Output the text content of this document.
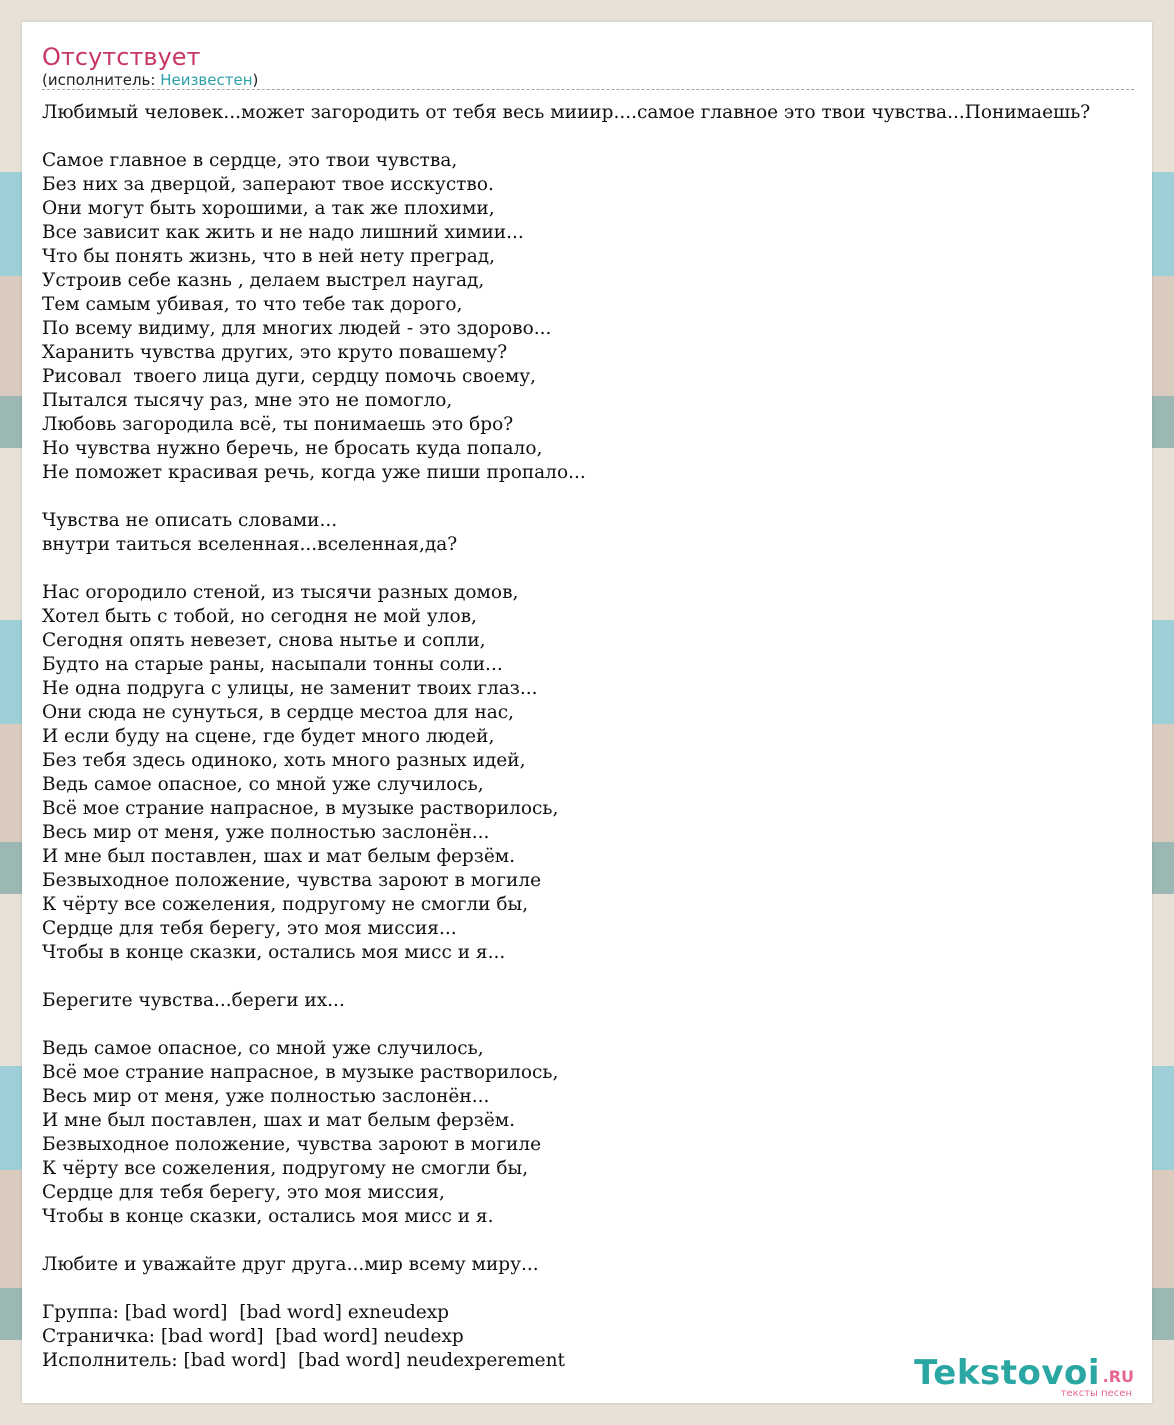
Отсутствует
(исполнитель: Неизвестен)
Любимый человек...может загородить от тебя весь мииир....самое главное это твои чувства...Понимаешь?
Самое главное в сердце, это твои чувства,
Без них за дверцой, заперают твое исскуство.
Они могут быть хорошими, а так же плохими,
Все зависит как жить и не надо лишний химии...
Что бы понять жизнь, что в ней нету преград,
Устроив себе казнь , делаем выстрел наугад,
Тем самым убивая, то что тебе так дорого,
По всему видиму, для многих людей - это здорово...
Харанить чувства других, это круто повашему?
Рисовал  твоего лица дуги, сердцу помочь своему,
Пытался тысячу раз, мне это не помогло,
Любовь загородила всё, ты понимаешь это бро?
Но чувства нужно беречь, не бросать куда попало,
Не поможет красивая речь, когда уже пиши пропало...
Чувства не описать словами...
внутри таиться вселенная...вселенная,да?
Нас огородило стеной, из тысячи разных домов,
Хотел быть с тобой, но сегодня не мой улов,
Сегодня опять невезет, снова нытье и сопли,
Будто на старые раны, насыпали тонны соли...
Не одна подруга с улицы, не заменит твоих глаз...
Они сюда не сунуться, в сердце местоа для нас,
И если буду на сцене, где будет много людей,
Без тебя здесь одиноко, хоть много разных идей,
Ведь самое опасное, со мной уже случилось,
Всё мое страние напрасное, в музыке растворилось,
Весь мир от меня, уже полностью заслонён...
И мне был поставлен, шах и мат белым ферзём.
Безвыходное положение, чувства зароют в могиле
К чёрту все сожеления, подругому не смогли бы,
Сердце для тебя берегу, это моя миссия...
Чтобы в конце сказки, остались моя мисс и я...
Берегите чувства...береги их...
Ведь самое опасное, со мной уже случилось,
Всё мое страние напрасное, в музыке растворилось,
Весь мир от меня, уже полностью заслонён...
И мне был поставлен, шах и мат белым ферзём.
Безвыходное положение, чувства зароют в могиле
К чёрту все сожеления, подругому не смогли бы,
Сердце для тебя берегу, это моя миссия,
Чтобы в конце сказки, остались моя мисс и я.
Любите и уважайте друг друга...мир всему миру...
Группа: [bad word]  [bad word] exneudexp
Страничка: [bad word]  [bad word] neudexp
Исполнитель: [bad word]  [bad word] neudexperement	Tekstovoi .RU
тексты песен
